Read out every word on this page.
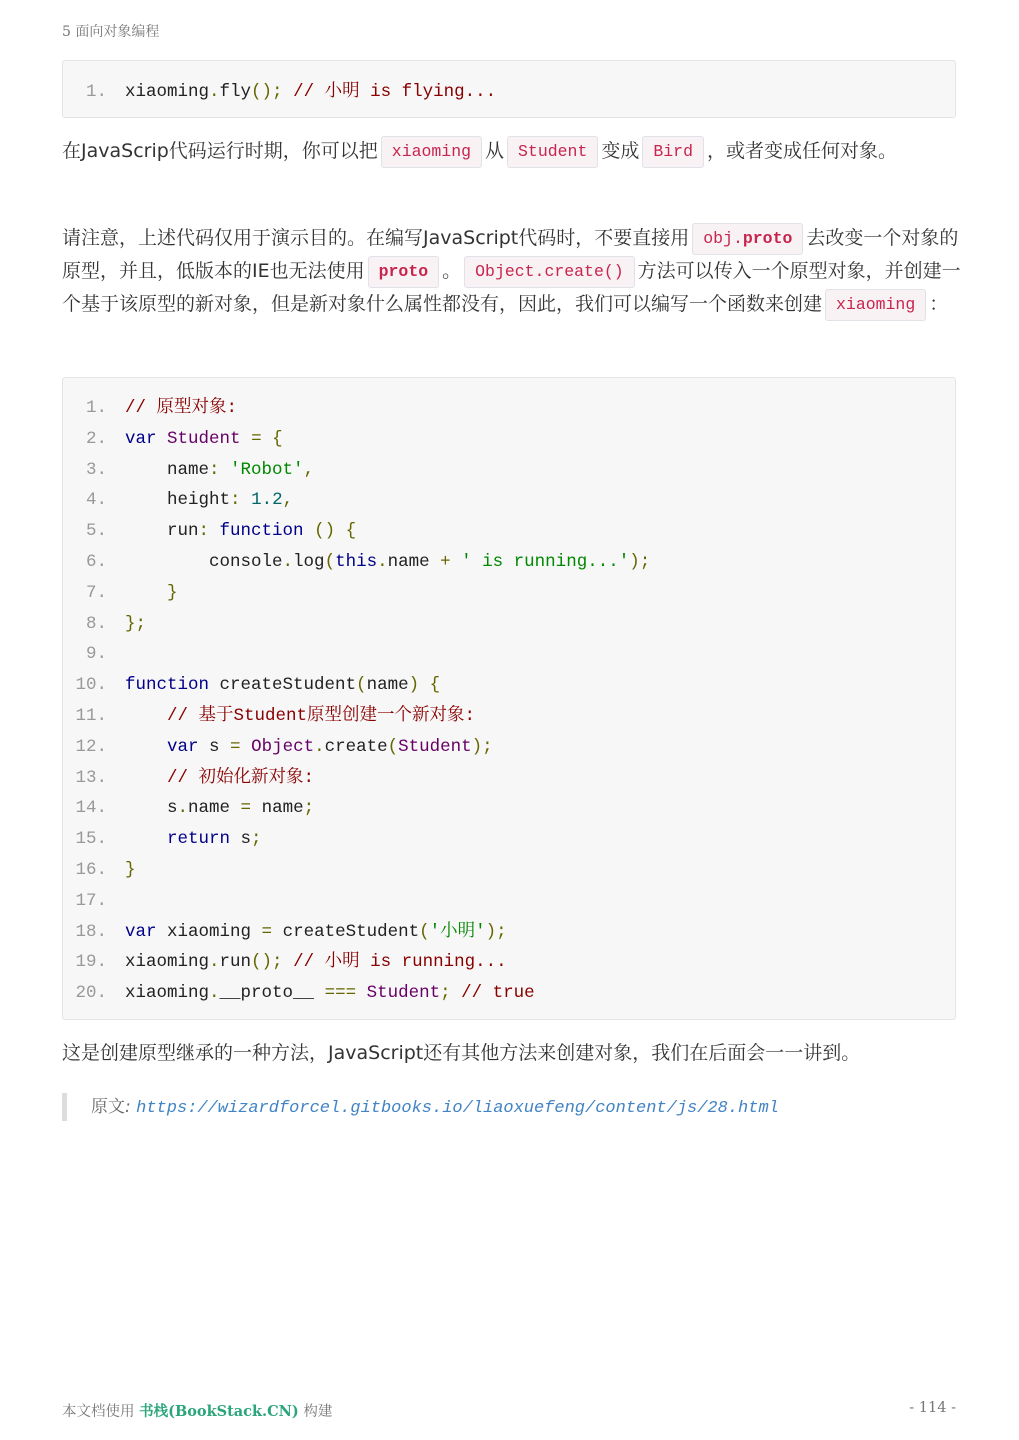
5 面向对象编程
1. xiaoming.fly(); // 小明 is flying...

在JavaScrip代码运行时期，你可以把 xiaoming 从 Student 变成 Bird ，或者变成任何对象。

请注意，上述代码仅用于演示目的。在编写JavaScript代码时，不要直接用 obj.proto 去改变一个对象的原型，并且，低版本的IE也无法使用 proto 。 Object.create() 方法可以传入一个原型对象，并创建一个基于该原型的新对象，但是新对象什么属性都没有，因此，我们可以编写一个函数来创建 xiaoming ：

1. // 原型对象:
2. var Student = {
3. name: 'Robot',
4. height: 1.2,
5. run: function () {
6. console.log(this.name + ' is running...');
7.	}
8. };
9.
10. function createStudent(name) {
11.	// 基于Student原型创建一个新对象:
12.	var s = Object.create(Student);
13.	// 初始化新对象:
14. s.name = name;
15.	return s;
16. }
17.
18. var xiaoming = createStudent('小明');
19. xiaoming.run(); // 小明 is running...
20. xiaoming.__proto__ === Student; // true

这是创建原型继承的一种方法，JavaScript还有其他方法来创建对象，我们在后面会一一讲到。

原文: https://wizardforcel.gitbooks.io/liaoxuefeng/content/js/28.html
本文档使用 书栈(BookStack.CN) 构建	- 114 -
